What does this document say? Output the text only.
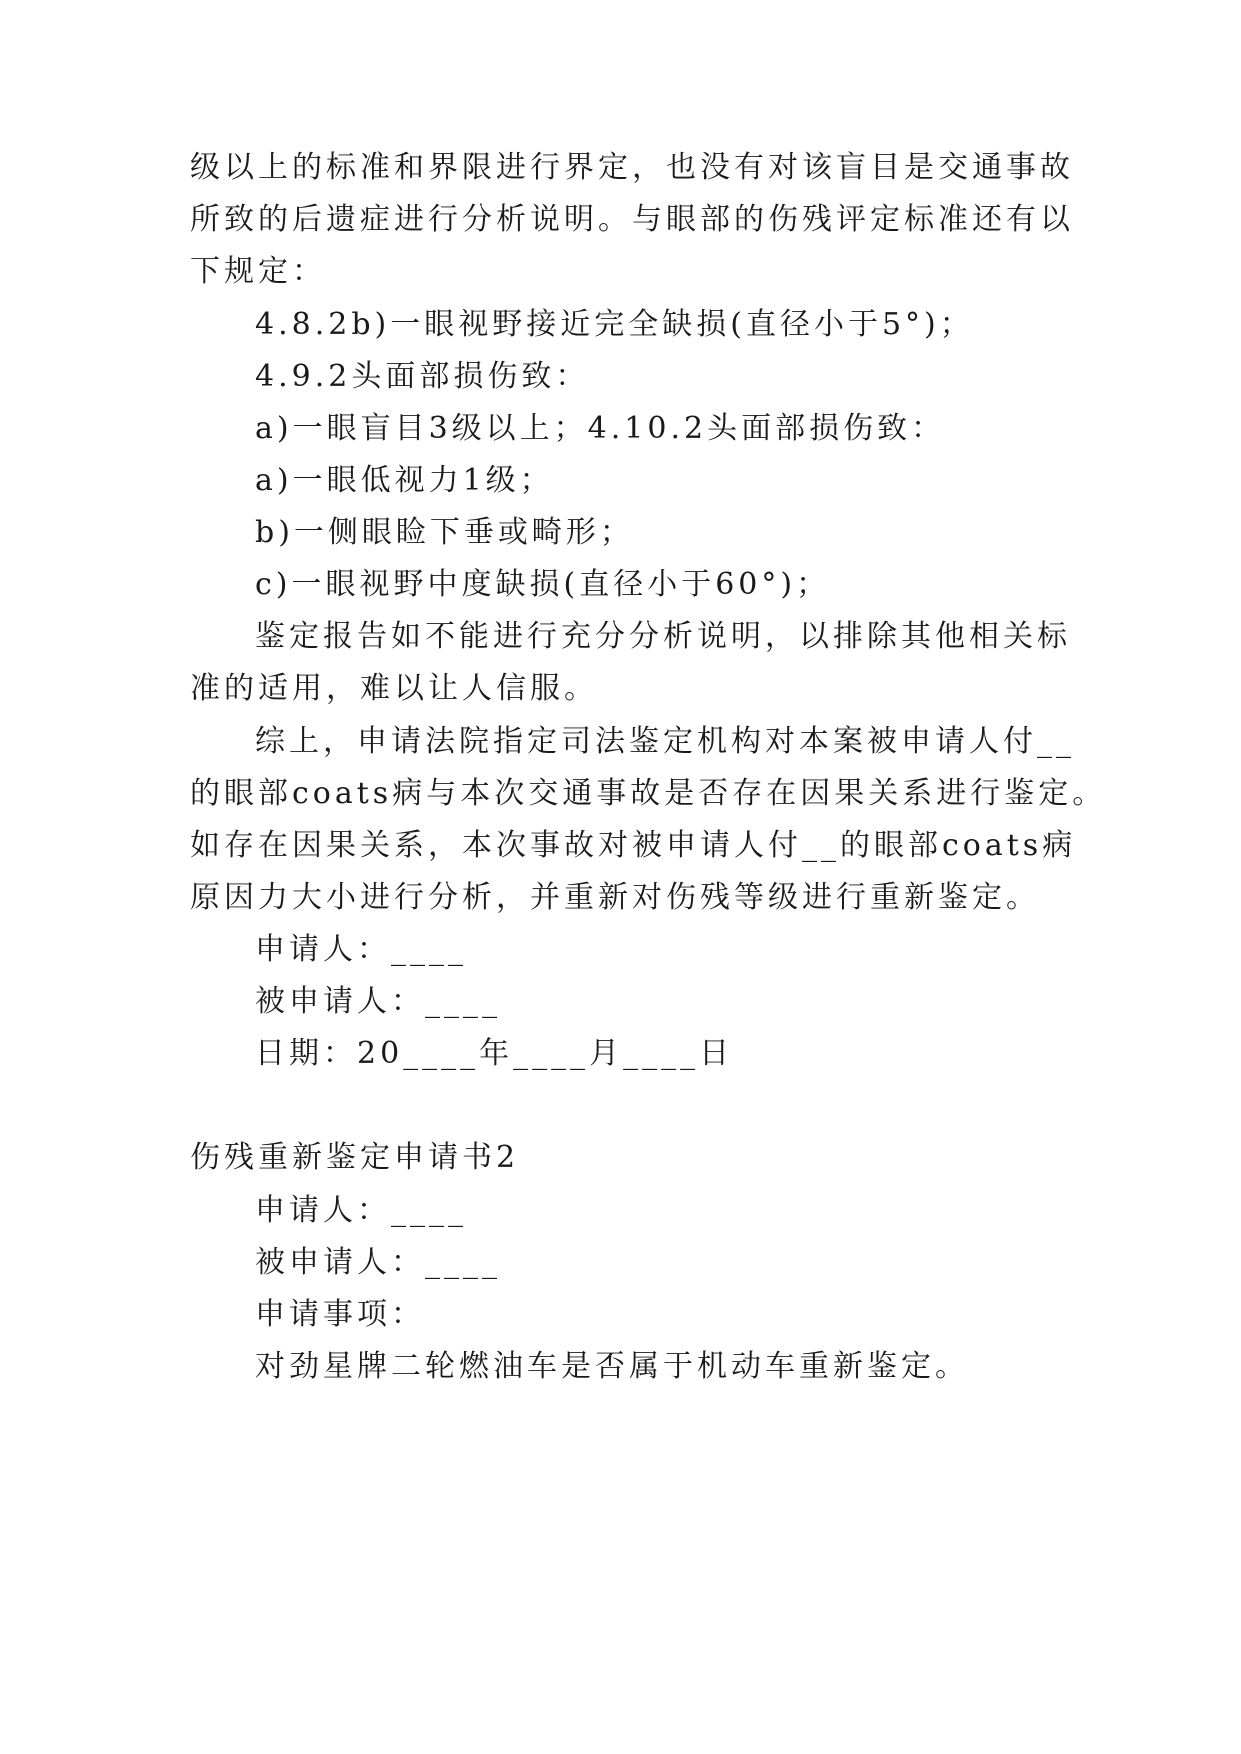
级以上的标准和界限进行界定，也没有对该盲目是交通事故
所致的后遗症进行分析说明。与眼部的伤残评定标准还有以
下规定：
4.8.2b)一眼视野接近完全缺损(直径小于5°)；
4.9.2头面部损伤致：
a)一眼盲目3级以上；4.10.2头面部损伤致：
a)一眼低视力1级；
b)一侧眼睑下垂或畸形；
c)一眼视野中度缺损(直径小于60°)；
鉴定报告如不能进行充分分析说明，以排除其他相关标
准的适用，难以让人信服。
综上，申请法院指定司法鉴定机构对本案被申请人付__
的眼部coats病与本次交通事故是否存在因果关系进行鉴定。
如存在因果关系，本次事故对被申请人付__的眼部coats病
原因力大小进行分析，并重新对伤残等级进行重新鉴定。
申请人：____
被申请人：____
日期：20____年____月____日
伤残重新鉴定申请书2
申请人：____
被申请人：____
申请事项：
对劲星牌二轮燃油车是否属于机动车重新鉴定。
